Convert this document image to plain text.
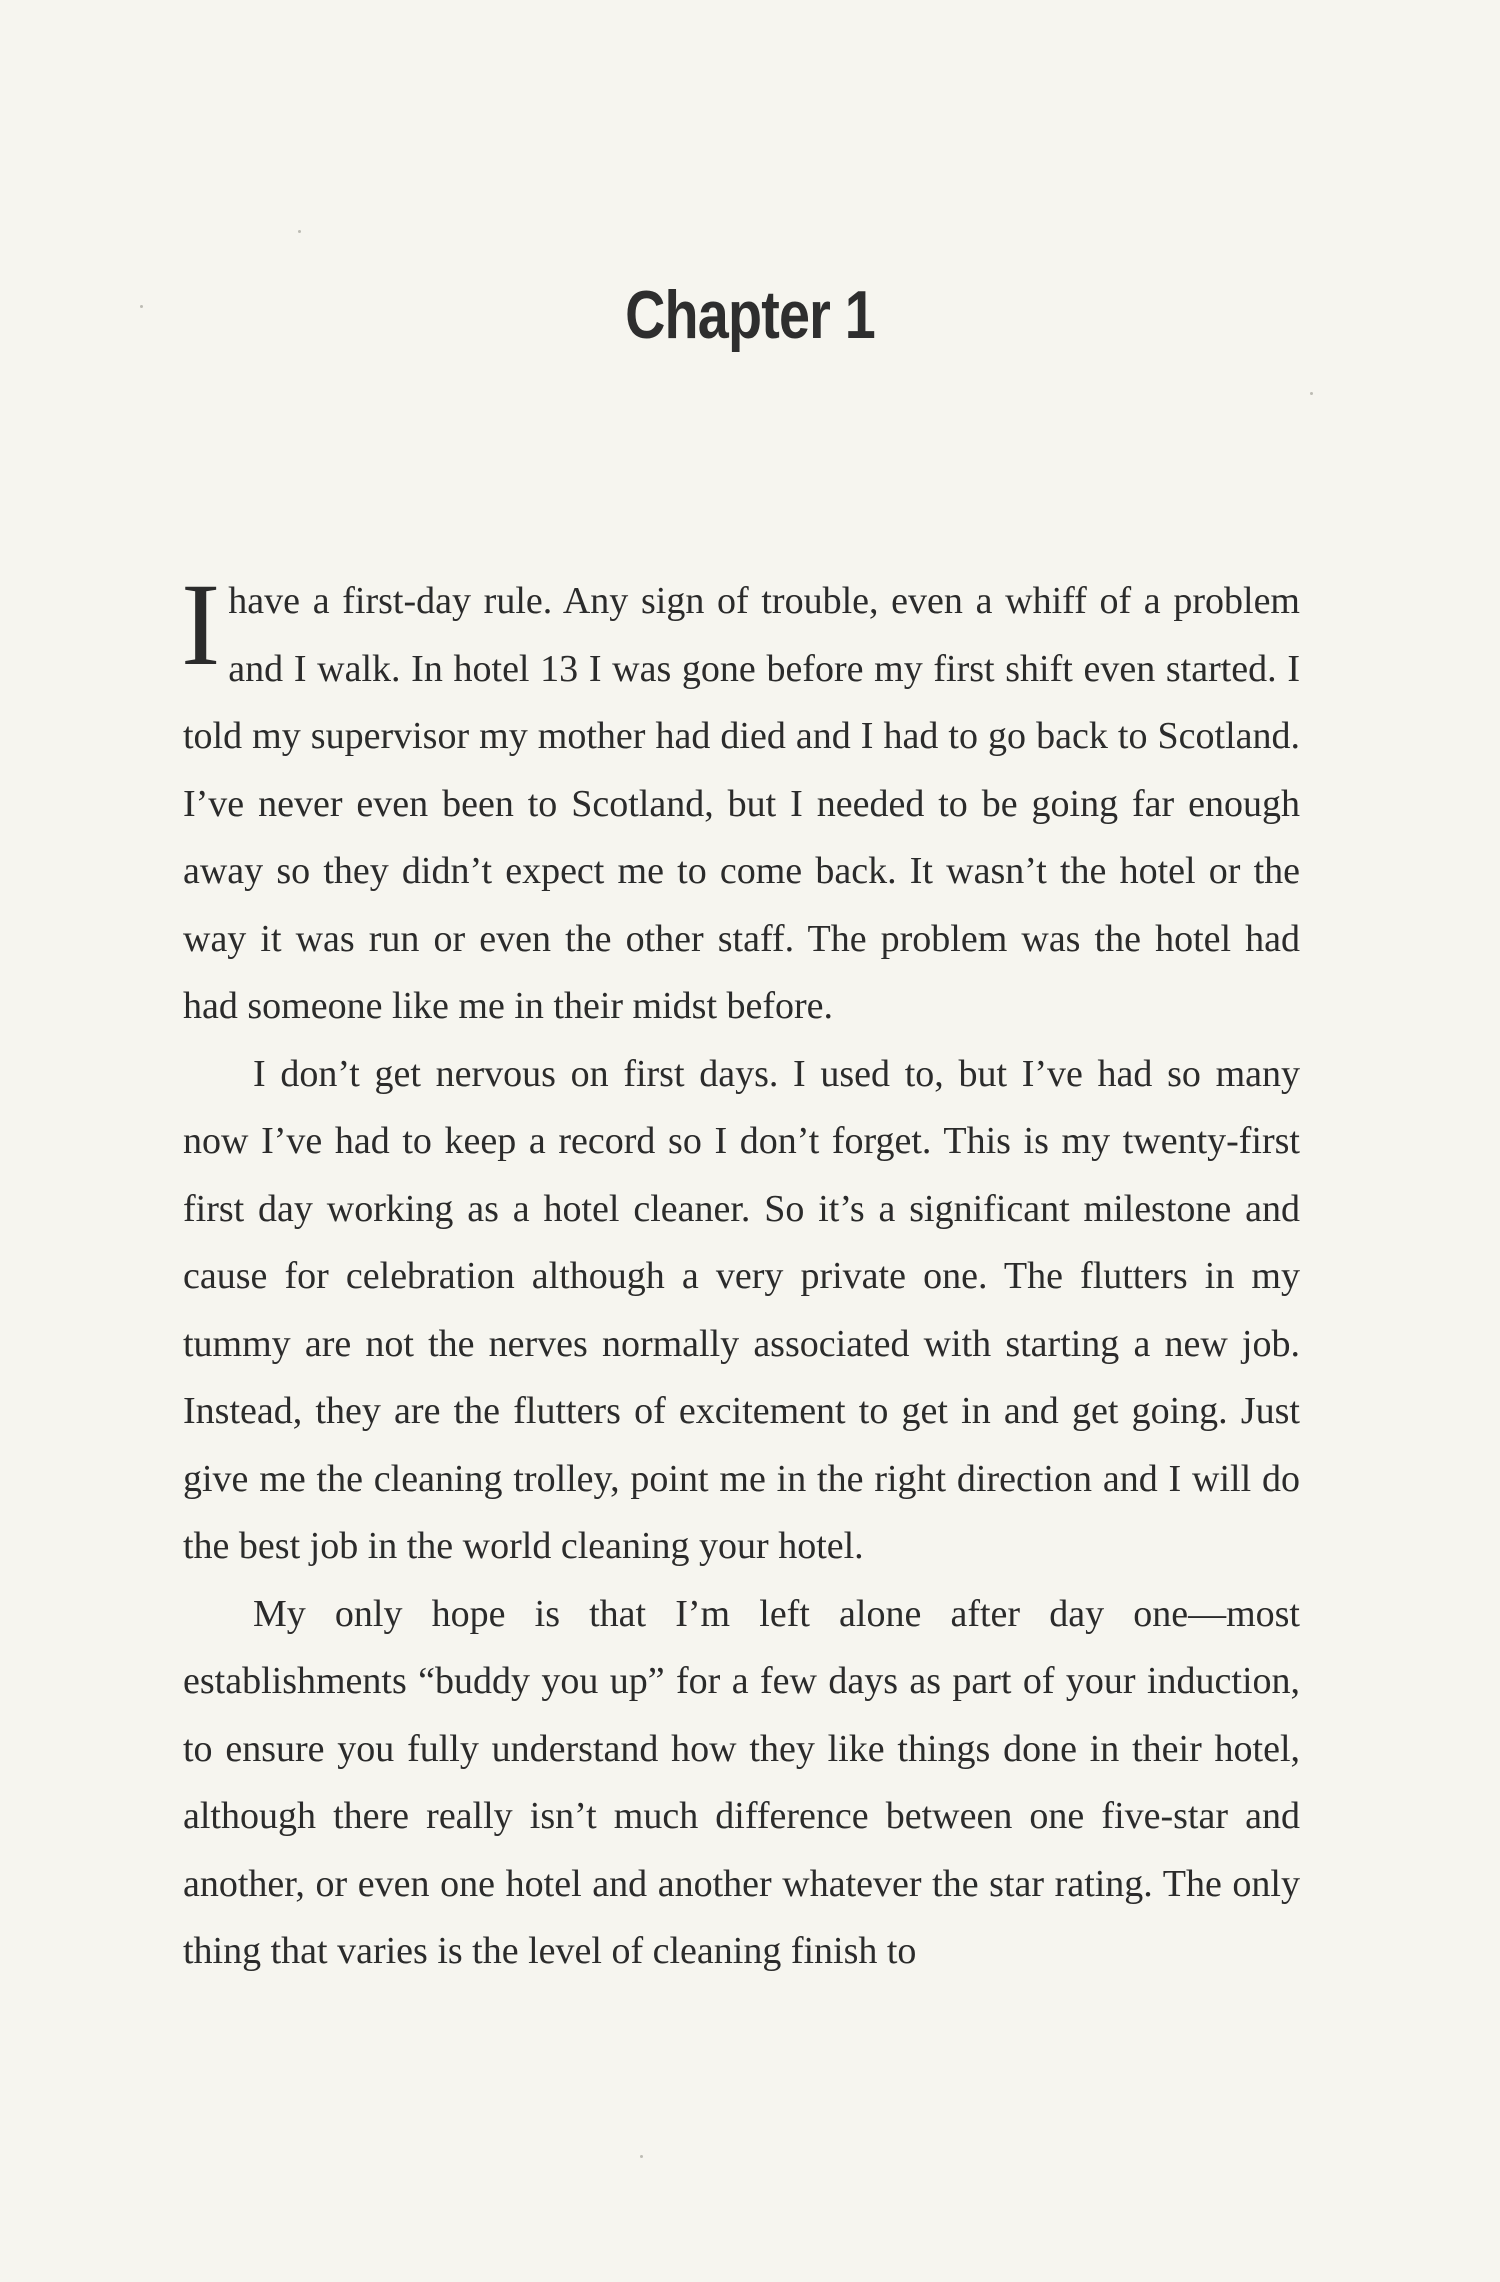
Chapter 1

I have a first-day rule. Any sign of trouble, even a whiff of a problem and I walk. In hotel 13 I was gone before my first shift even started. I told my supervisor my mother had died and I had to go back to Scotland. I’ve never even been to Scotland, but I needed to be going far enough away so they didn’t expect me to come back. It wasn’t the hotel or the way it was run or even the other staff. The problem was the hotel had had someone like me in their midst before.

I don’t get nervous on first days. I used to, but I’ve had so many now I’ve had to keep a record so I don’t forget. This is my twenty-first first day working as a hotel cleaner. So it’s a significant milestone and cause for celebration although a very private one. The flutters in my tummy are not the nerves normally associated with starting a new job. Instead, they are the flutters of excitement to get in and get going. Just give me the cleaning trolley, point me in the right direction and I will do the best job in the world cleaning your hotel.

My only hope is that I’m left alone after day one—most establishments “buddy you up” for a few days as part of your induction, to ensure you fully understand how they like things done in their hotel, although there really isn’t much difference between one five-star and another, or even one hotel and another whatever the star rating. The only thing that varies is the level of cleaning finish to
